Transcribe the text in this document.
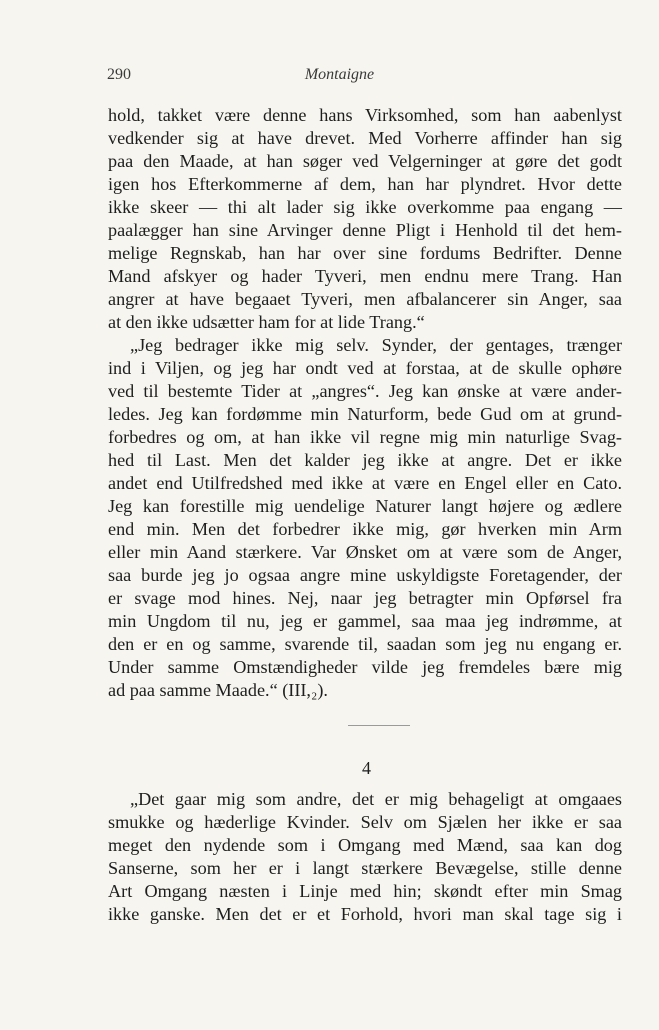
290	Montaigne
hold, takket være denne hans Virksomhed, som han aabenlyst
vedkender sig at have drevet. Med Vorherre affinder han sig
paa den Maade, at han søger ved Velgerninger at gøre det godt
igen hos Efterkommerne af dem, han har plyndret. Hvor dette
ikke skeer — thi alt lader sig ikke overkomme paa engang —
paalægger han sine Arvinger denne Pligt i Henhold til det hem-
melige Regnskab, han har over sine fordums Bedrifter. Denne
Mand afskyer og hader Tyveri, men endnu mere Trang. Han
angrer at have begaaet Tyveri, men afbalancerer sin Anger, saa
at den ikke udsætter ham for at lide Trang.“
„Jeg bedrager ikke mig selv. Synder, der gentages, trænger
ind i Viljen, og jeg har ondt ved at forstaa, at de skulle ophøre
ved til bestemte Tider at „angres“. Jeg kan ønske at være ander-
ledes. Jeg kan fordømme min Naturform, bede Gud om at grund-
forbedres og om, at han ikke vil regne mig min naturlige Svag-
hed til Last. Men det kalder jeg ikke at angre. Det er ikke
andet end Utilfredshed med ikke at være en Engel eller en Cato.
Jeg kan forestille mig uendelige Naturer langt højere og ædlere
end min. Men det forbedrer ikke mig, gør hverken min Arm
eller min Aand stærkere. Var Ønsket om at være som de Anger,
saa burde jeg jo ogsaa angre mine uskyldigste Foretagender, der
er svage mod hines. Nej, naar jeg betragter min Opførsel fra
min Ungdom til nu, jeg er gammel, saa maa jeg indrømme, at
den er en og samme, svarende til, saadan som jeg nu engang er.
Under samme Omstændigheder vilde jeg fremdeles bære mig
ad paa samme Maade.“ (III,₂).
4
„Det gaar mig som andre, det er mig behageligt at omgaaes
smukke og hæderlige Kvinder. Selv om Sjælen her ikke er saa
meget den nydende som i Omgang med Mænd, saa kan dog
Sanserne, som her er i langt stærkere Bevægelse, stille denne
Art Omgang næsten i Linje med hin; skøndt efter min Smag
ikke ganske. Men det er et Forhold, hvori man skal tage sig i
